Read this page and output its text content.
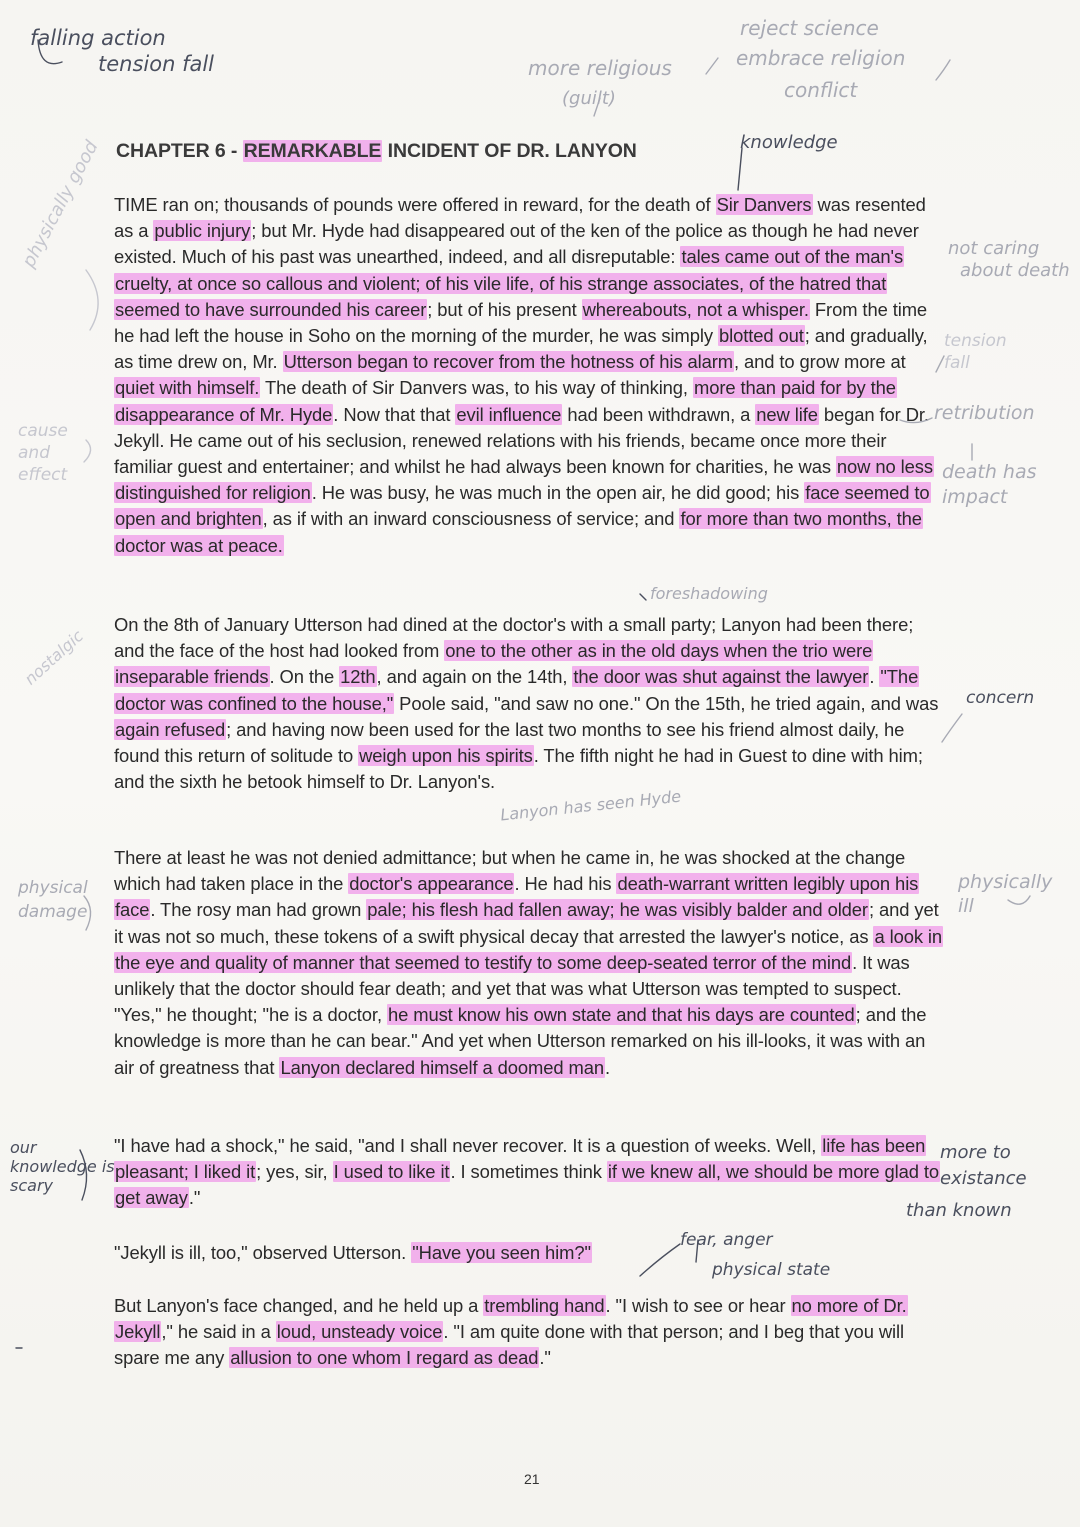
CHAPTER 6 - REMARKABLE INCIDENT OF DR. LANYON

TIME ran on; thousands of pounds were offered in reward, for the death of Sir Danvers was resented as a public injury; but Mr. Hyde had disappeared out of the ken of the police as though he had never existed. Much of his past was unearthed, indeed, and all disreputable: tales came out of the man's cruelty, at once so callous and violent; of his vile life, of his strange associates, of the hatred that seemed to have surrounded his career; but of his present whereabouts, not a whisper. From the time he had left the house in Soho on the morning of the murder, he was simply blotted out; and gradually, as time drew on, Mr. Utterson began to recover from the hotness of his alarm, and to grow more at quiet with himself. The death of Sir Danvers was, to his way of thinking, more than paid for by the disappearance of Mr. Hyde. Now that that evil influence had been withdrawn, a new life began for Dr. Jekyll. He came out of his seclusion, renewed relations with his friends, became once more their familiar guest and entertainer; and whilst he had always been known for charities, he was now no less distinguished for religion. He was busy, he was much in the open air, he did good; his face seemed to open and brighten, as if with an inward consciousness of service; and for more than two months, the doctor was at peace.

On the 8th of January Utterson had dined at the doctor's with a small party; Lanyon had been there; and the face of the host had looked from one to the other as in the old days when the trio were inseparable friends. On the 12th, and again on the 14th, the door was shut against the lawyer. "The doctor was confined to the house," Poole said, "and saw no one." On the 15th, he tried again, and was again refused; and having now been used for the last two months to see his friend almost daily, he found this return of solitude to weigh upon his spirits. The fifth night he had in Guest to dine with him; and the sixth he betook himself to Dr. Lanyon's.

There at least he was not denied admittance; but when he came in, he was shocked at the change which had taken place in the doctor's appearance. He had his death-warrant written legibly upon his face. The rosy man had grown pale; his flesh had fallen away; he was visibly balder and older; and yet it was not so much, these tokens of a swift physical decay that arrested the lawyer's notice, as a look in the eye and quality of manner that seemed to testify to some deep-seated terror of the mind. It was unlikely that the doctor should fear death; and yet that was what Utterson was tempted to suspect. "Yes," he thought; "he is a doctor, he must know his own state and that his days are counted; and the knowledge is more than he can bear." And yet when Utterson remarked on his ill-looks, it was with an air of greatness that Lanyon declared himself a doomed man.

"I have had a shock," he said, "and I shall never recover. It is a question of weeks. Well, life has been pleasant; I liked it; yes, sir, I used to like it. I sometimes think if we knew all, we should be more glad to get away."

"Jekyll is ill, too," observed Utterson. "Have you seen him?"

But Lanyon's face changed, and he held up a trembling hand. "I wish to see or hear no more of Dr. Jekyll," he said in a loud, unsteady voice. "I am quite done with that person; and I beg that you will spare me any allusion to one whom I regard as dead."

falling action
tension fall	more religious
(guilt)
reject science
embrace religion
conflict
knowledge
physically good	not caring
about death
tension fall
retribution
death has impact
cause and effect
foreshadowing
nostalgic
concern
Lanyon has seen Hyde
physically ill
physical damage
our knowledge is scary
more to existance
than known
fear, anger
physical state
21
